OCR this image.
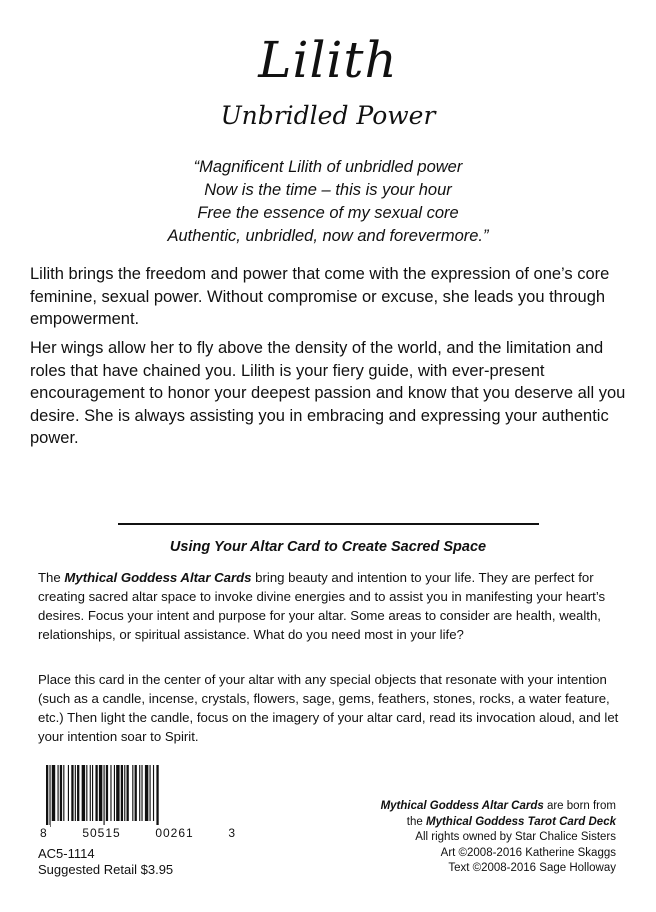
Lilith
Unbridled Power
“Magnificent Lilith of unbridled power
Now is the time – this is your hour
Free the essence of my sexual core
Authentic, unbridled, now and forevermore.”
Lilith brings the freedom and power that come with the expression of one’s core feminine, sexual power. Without compromise or excuse, she leads you through empowerment.
Her wings allow her to fly above the density of the world, and the limitation and roles that have chained you. Lilith is your fiery guide, with ever-present encouragement to honor your deepest passion and know that you deserve all you desire. She is always assisting you in embracing and expressing your authentic power.
Using Your Altar Card to Create Sacred Space
The Mythical Goddess Altar Cards bring beauty and intention to your life. They are perfect for creating sacred altar space to invoke divine energies and to assist you in manifesting your heart’s desires. Focus your intent and purpose for your altar. Some areas to consider are health, wealth, relationships, or spiritual assistance. What do you need most in your life?
Place this card in the center of your altar with any special objects that resonate with your intention (such as a candle, incense, crystals, flowers, sage, gems, feathers, stones, rocks, a water feature, etc.) Then light the candle, focus on the imagery of your altar card, read its invocation aloud, and let your intention soar to Spirit.
8	50515	00261	3
AC5-1114
Suggested Retail $3.95
Mythical Goddess Altar Cards are born from
the Mythical Goddess Tarot Card Deck
All rights owned by Star Chalice Sisters
Art ©2008-2016 Katherine Skaggs
Text ©2008-2016 Sage Holloway
